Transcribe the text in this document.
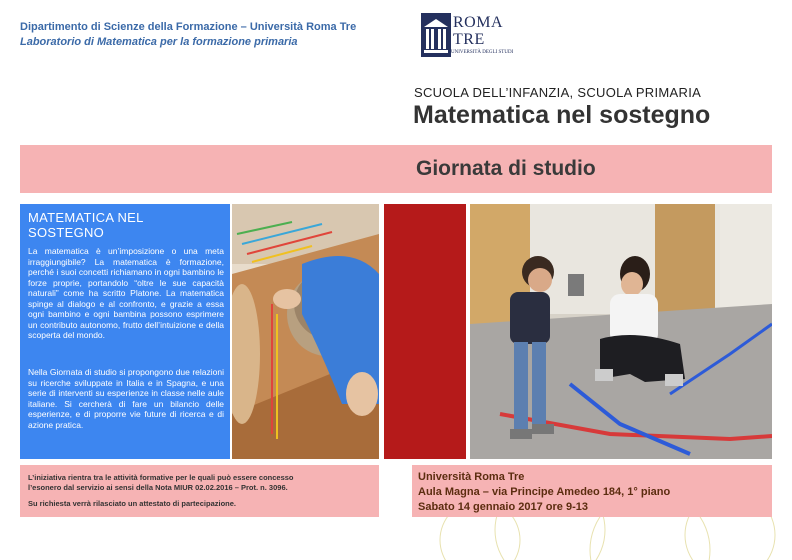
Dipartimento di Scienze della Formazione – Università Roma Tre
Laboratorio di Matematica per la formazione primaria
ROMA
TRE
UNIVERSITÀ DEGLI STUDI
SCUOLA DELL’INFANZIA, SCUOLA PRIMARIA
Matematica nel sostegno
Giornata di studio
MATEMATICA NEL
SOSTEGNO
La matematica è un’imposizione o una meta irraggiungibile? La matematica è formazione, perché i suoi concetti richiamano in ogni bambino le forze proprie, portandolo “oltre le sue capacità naturali” come ha scritto Platone. La matematica spinge al dialogo e al confronto, e grazie a essa ogni bambino e ogni bambina possono esprimere un contributo autonomo, frutto dell’intuizione e della scoperta del mondo.
Nella Giornata di studio si propongono due relazioni su ricerche sviluppate in Italia e in Spagna, e una serie di interventi su esperienze in classe nelle aule italiane. Si cercherà di fare un bilancio delle esperienze, e di proporre vie future di ricerca e di azione pratica.
L’iniziativa rientra tra le attività formative per le quali può essere concesso
l’esonero dal servizio ai sensi della Nota MIUR 02.02.2016 – Prot. n. 3096.
Su richiesta verrà rilasciato un attestato di partecipazione.
Università Roma Tre
Aula Magna – via Principe Amedeo 184, 1° piano
Sabato 14 gennaio 2017 ore 9-13
